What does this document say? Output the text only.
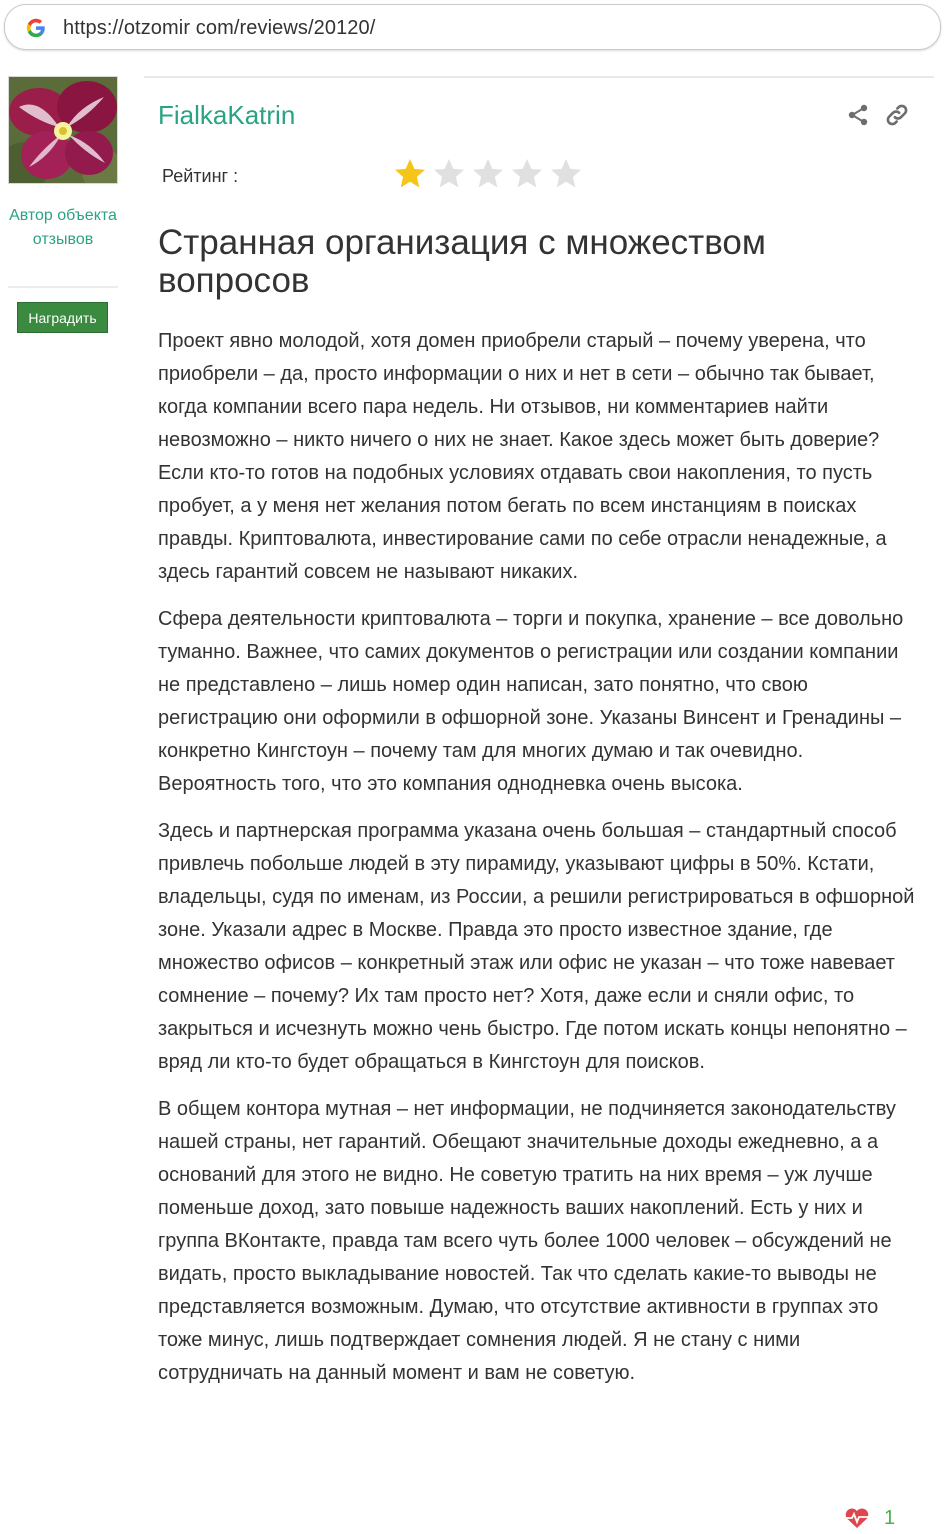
https://otzomir com/reviews/20120/
Автор объекта отзывов
Наградить
FialkaKatrin
Рейтинг :
Странная организация с множеством вопросов

Проект явно молодой, хотя домен приобрели старый – почему уверена, что приобрели – да, просто информации о них и нет в сети – обычно так бывает, когда компании всего пара недель. Ни отзывов, ни комментариев найти невозможно – никто ничего о них не знает. Какое здесь может быть доверие? Если кто-то готов на подобных условиях отдавать свои накопления, то пусть пробует, а у меня нет желания потом бегать по всем инстанциям в поисках правды. Криптовалюта, инвестирование сами по себе отрасли ненадежные, а здесь гарантий совсем не называют никаких.

Сфера деятельности криптовалюта – торги и покупка, хранение – все довольно туманно. Важнее, что самих документов о регистрации или создании компании не представлено – лишь номер один написан, зато понятно, что свою регистрацию они оформили в офшорной зоне. Указаны Винсент и Гренадины – конкретно Кингстоун – почему там для многих думаю и так очевидно. Вероятность того, что это компания однодневка очень высока.

Здесь и партнерская программа указана очень большая – стандартный способ привлечь побольше людей в эту пирамиду, указывают цифры в 50%. Кстати, владельцы, судя по именам, из России, а решили регистрироваться в офшорной зоне. Указали адрес в Москве. Правда это просто известное здание, где множество офисов – конкретный этаж или офис не указан – что тоже навевает сомнение – почему? Их там просто нет? Хотя, даже если и сняли офис, то закрыться и исчезнуть можно чень быстро. Где потом искать концы непонятно – вряд ли кто-то будет обращаться в Кингстоун для поисков.

В общем контора мутная – нет информации, не подчиняется законодательству нашей страны, нет гарантий. Обещают значительные доходы ежедневно, а а оснований для этого не видно. Не советую тратить на них время – уж лучше поменьше доход, зато повыше надежность ваших накоплений. Есть у них и группа ВКонтакте, правда там всего чуть более 1000 человек – обсуждений не видать, просто выкладывание новостей. Так что сделать какие-то выводы не представляется возможным. Думаю, что отсутствие активности в группах это тоже минус, лишь подтверждает сомнения людей. Я не стану с ними сотрудничать на данный момент и вам не советую.

1
